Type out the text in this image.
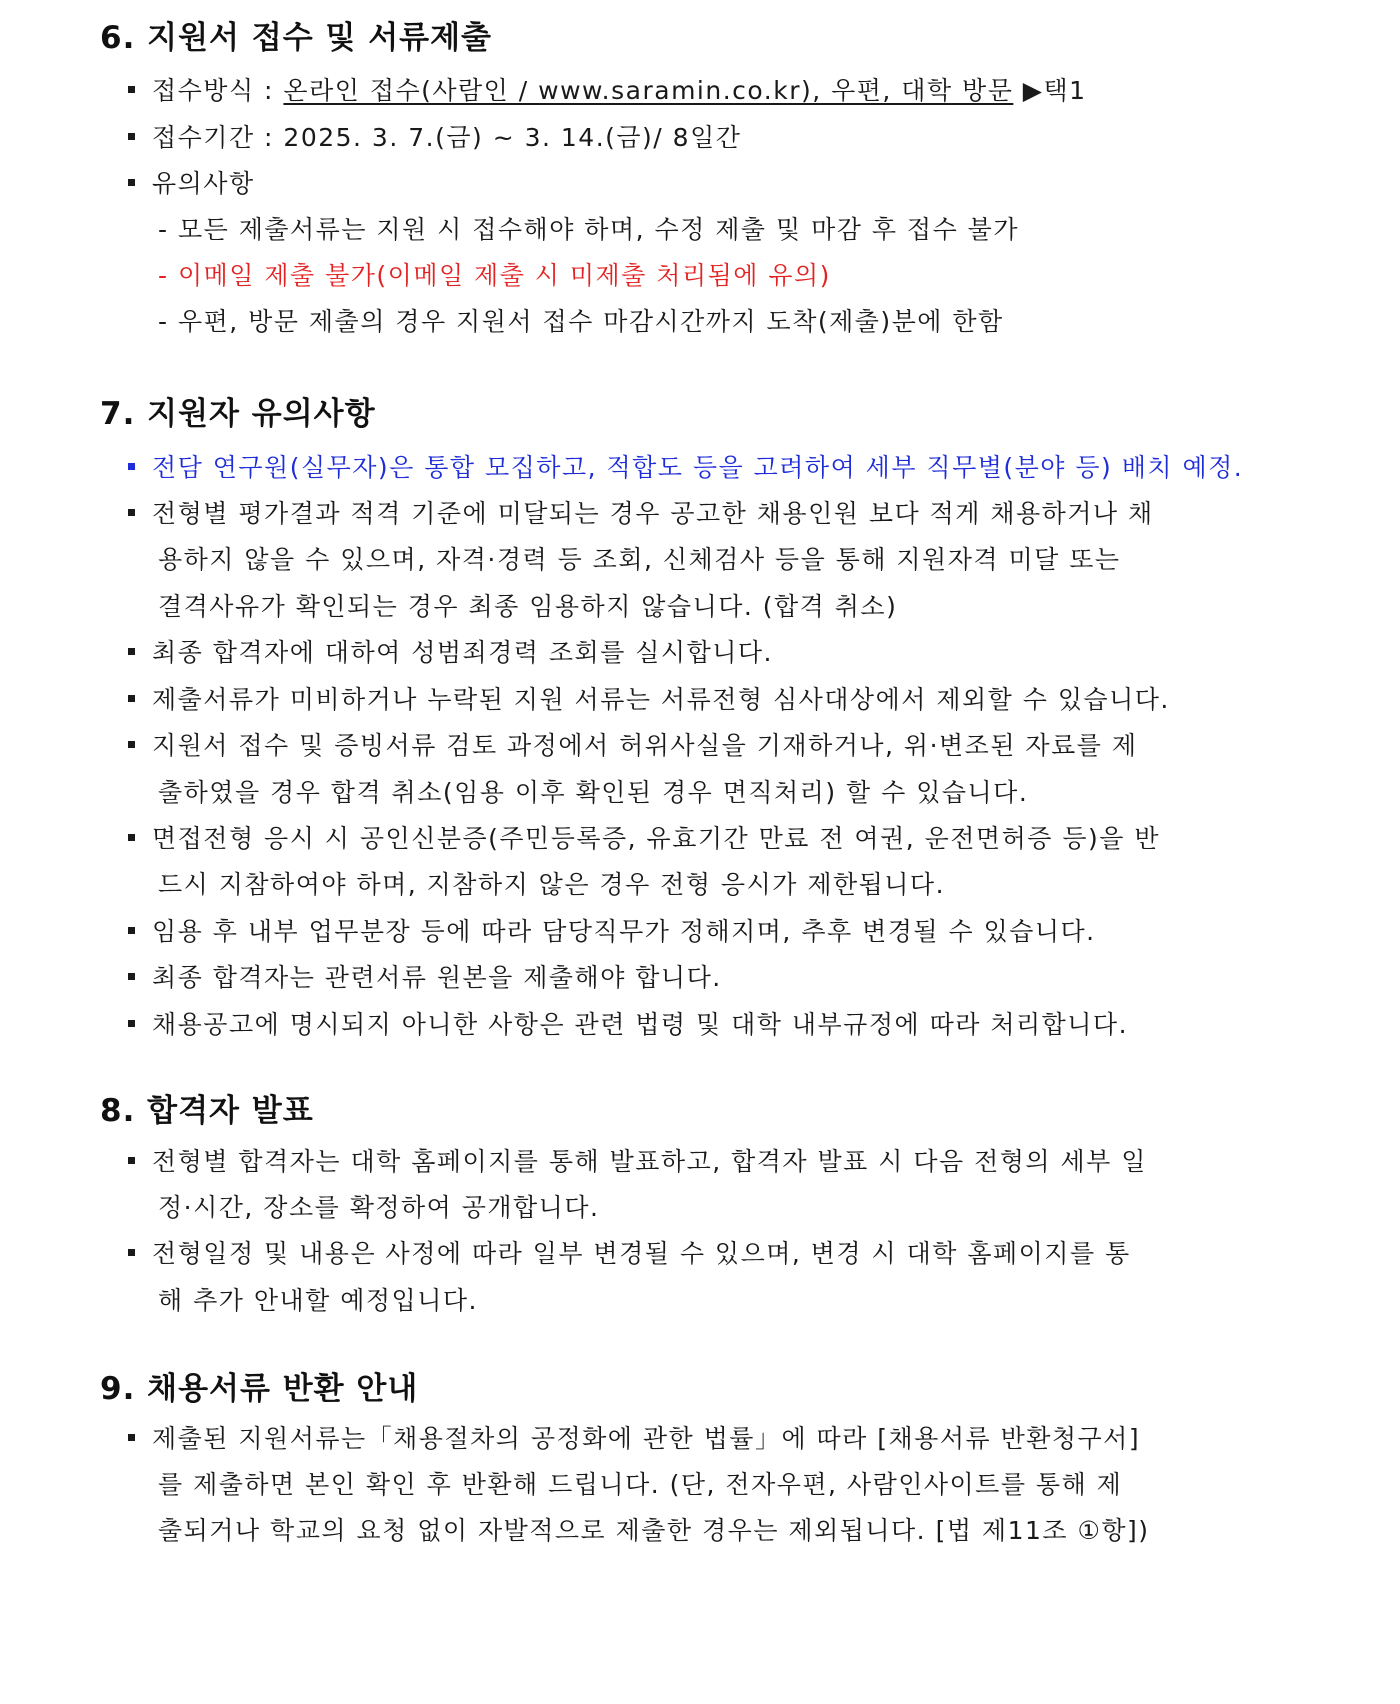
6. 지원서 접수 및 서류제출

접수방식 : 온라인 접수(사람인 / www.saramin.co.kr), 우편, 대학 방문 ▶택1

접수기간 : 2025. 3. 7.(금) ~ 3. 14.(금)/ 8일간

유의사항

- 모든 제출서류는 지원 시 접수해야 하며, 수정 제출 및 마감 후 접수 불가

- 이메일 제출 불가(이메일 제출 시 미제출 처리됨에 유의)

- 우편, 방문 제출의 경우 지원서 접수 마감시간까지 도착(제출)분에 한함

7. 지원자 유의사항

전담 연구원(실무자)은 통합 모집하고, 적합도 등을 고려하여 세부 직무별(분야 등) 배치 예정.

전형별 평가결과 적격 기준에 미달되는 경우 공고한 채용인원 보다 적게 채용하거나 채

용하지 않을 수 있으며, 자격·경력 등 조회, 신체검사 등을 통해 지원자격 미달 또는

결격사유가 확인되는 경우 최종 임용하지 않습니다. (합격 취소)

최종 합격자에 대하여 성범죄경력 조회를 실시합니다.

제출서류가 미비하거나 누락된 지원 서류는 서류전형 심사대상에서 제외할 수 있습니다.

지원서 접수 및 증빙서류 검토 과정에서 허위사실을 기재하거나, 위·변조된 자료를 제

출하였을 경우 합격 취소(임용 이후 확인된 경우 면직처리) 할 수 있습니다.

면접전형 응시 시 공인신분증(주민등록증, 유효기간 만료 전 여권, 운전면허증 등)을 반

드시 지참하여야 하며, 지참하지 않은 경우 전형 응시가 제한됩니다.

임용 후 내부 업무분장 등에 따라 담당직무가 정해지며, 추후 변경될 수 있습니다.

최종 합격자는 관련서류 원본을 제출해야 합니다.

채용공고에 명시되지 아니한 사항은 관련 법령 및 대학 내부규정에 따라 처리합니다.

8. 합격자 발표

전형별 합격자는 대학 홈페이지를 통해 발표하고, 합격자 발표 시 다음 전형의 세부 일

정·시간, 장소를 확정하여 공개합니다.

전형일정 및 내용은 사정에 따라 일부 변경될 수 있으며, 변경 시 대학 홈페이지를 통

해 추가 안내할 예정입니다.

9. 채용서류 반환 안내

제출된 지원서류는「채용절차의 공정화에 관한 법률」에 따라 [채용서류 반환청구서]

를 제출하면 본인 확인 후 반환해 드립니다. (단, 전자우편, 사람인사이트를 통해 제

출되거나 학교의 요청 없이 자발적으로 제출한 경우는 제외됩니다. [법 제11조 ①항])
